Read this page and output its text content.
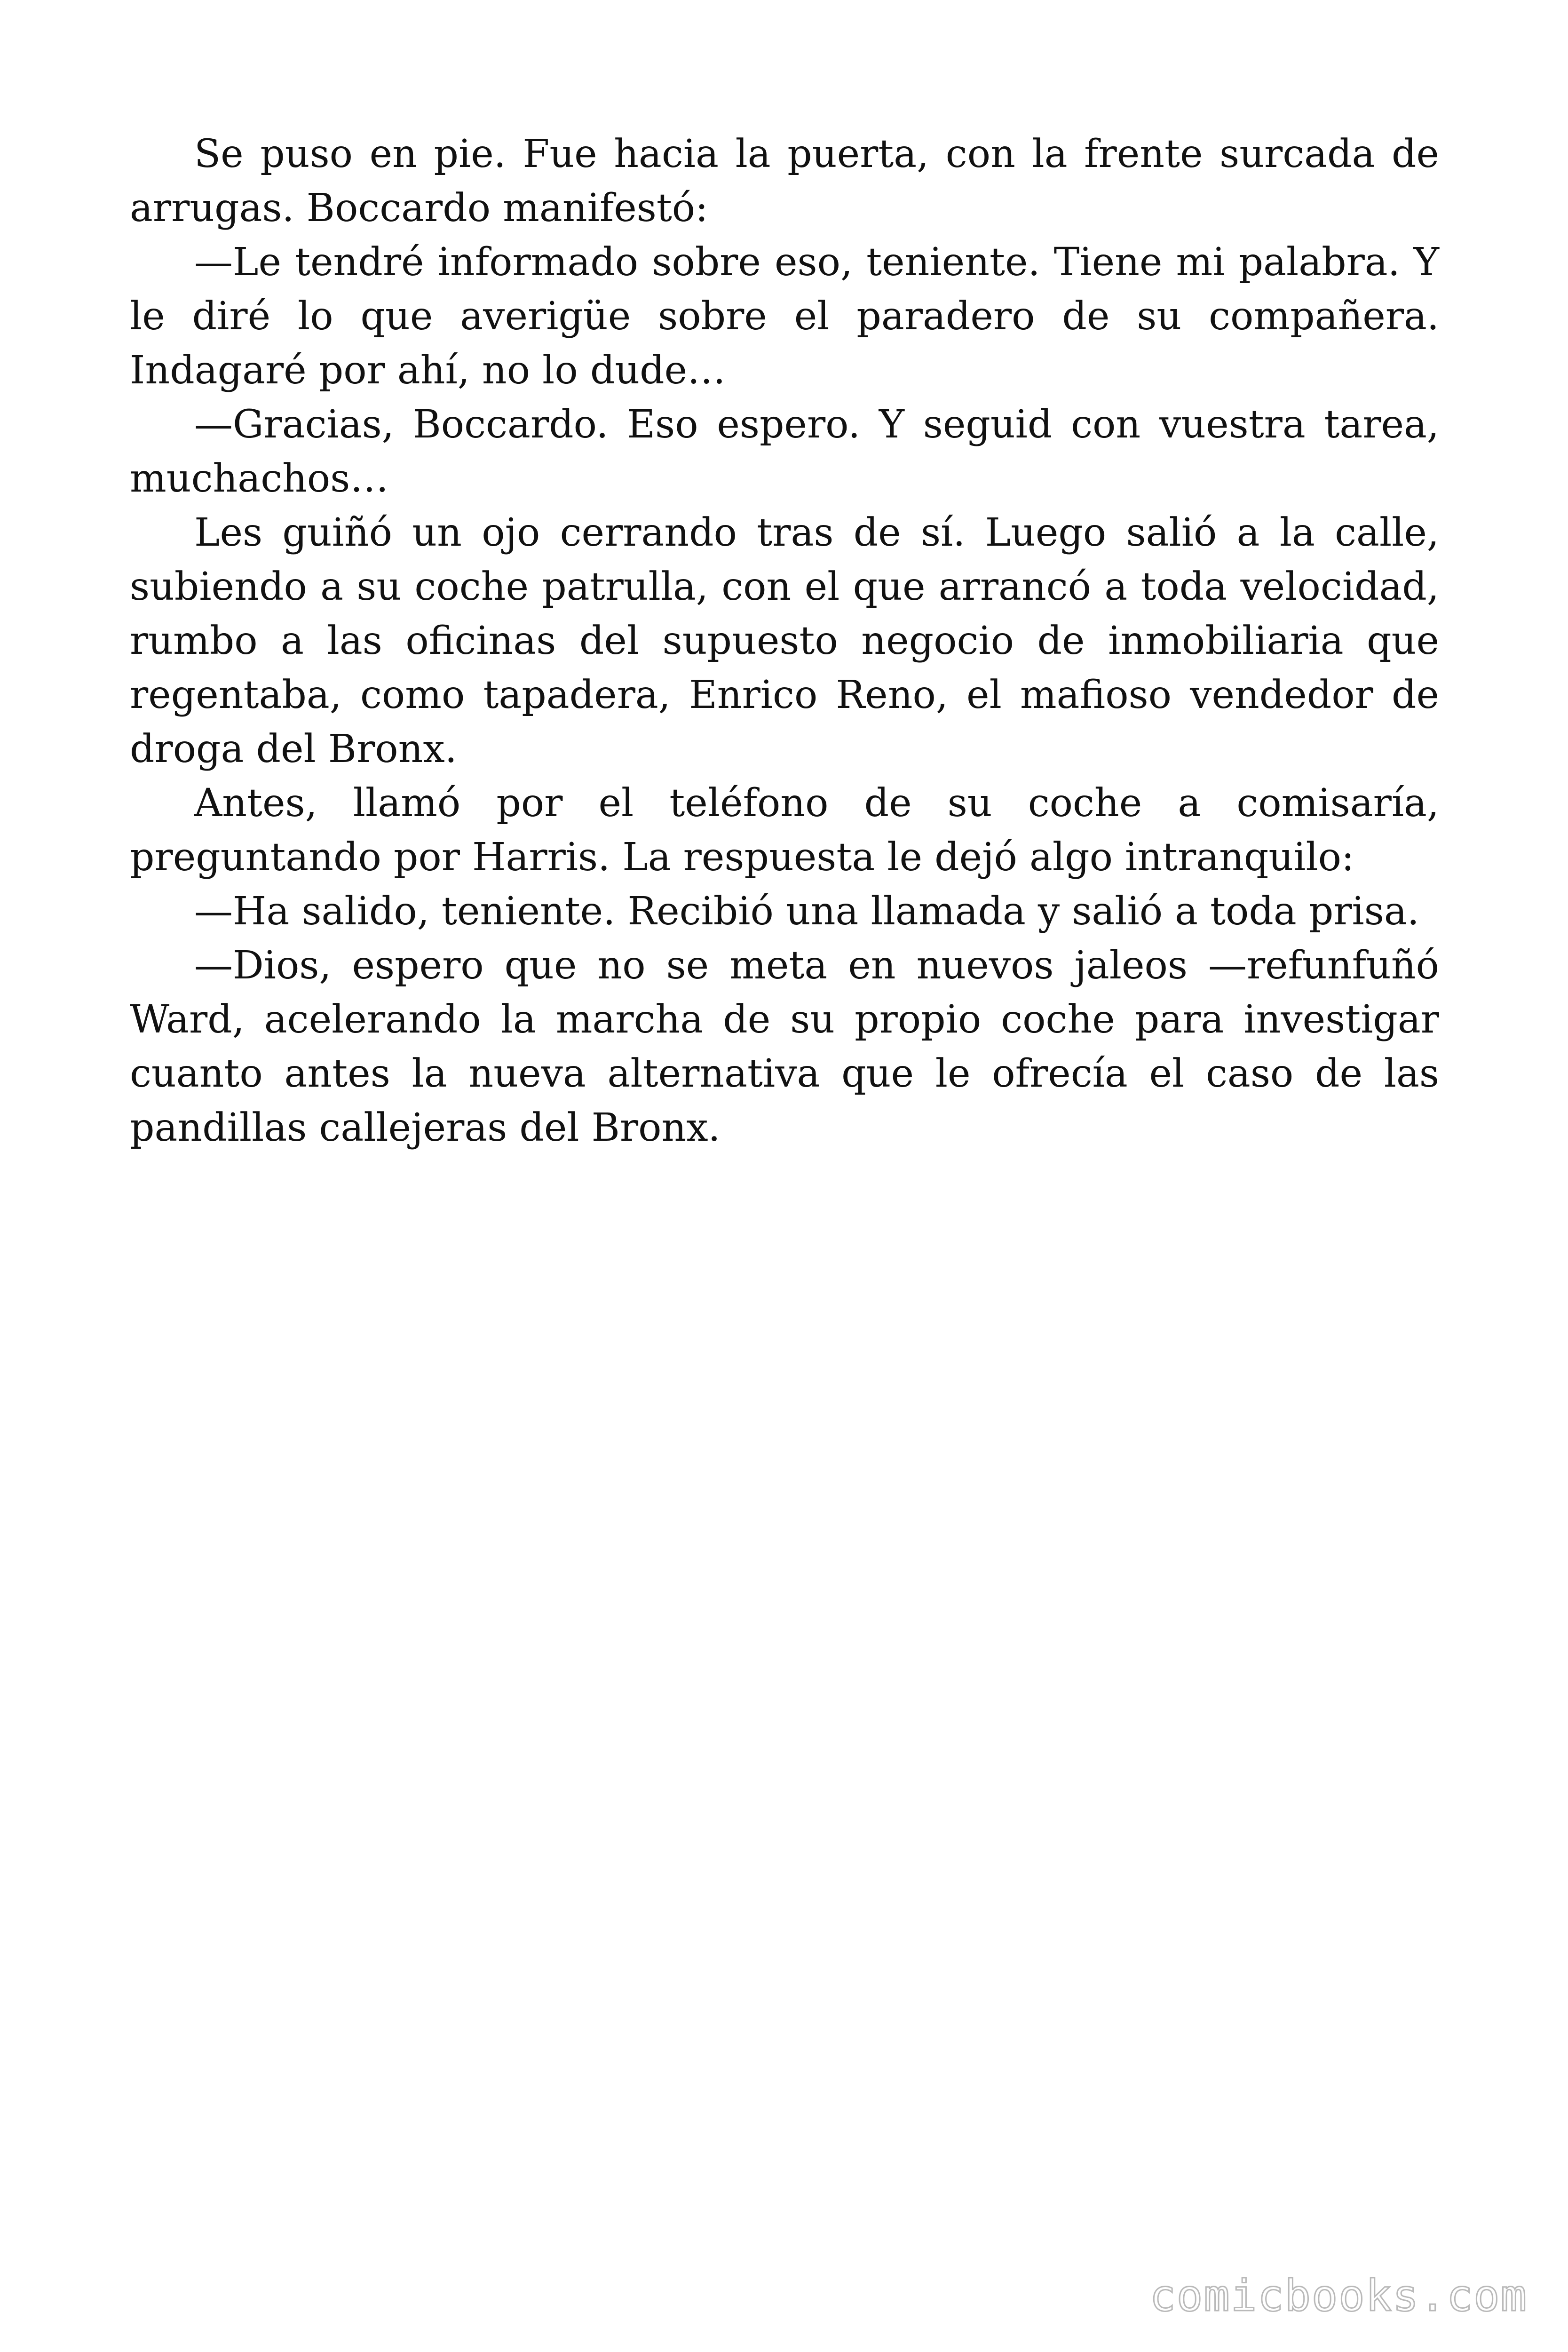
Se puso en pie. Fue hacia la puerta, con la frente surcada de arrugas. Boccardo manifestó:

—Le tendré informado sobre eso, teniente. Tiene mi palabra. Y le diré lo que averigüe sobre el paradero de su compañera. Indagaré por ahí, no lo dude…

—Gracias, Boccardo. Eso espero. Y seguid con vuestra tarea, muchachos…

Les guiñó un ojo cerrando tras de sí. Luego salió a la calle, subiendo a su coche patrulla, con el que arrancó a toda velocidad, rumbo a las oficinas del supuesto negocio de inmobiliaria que regentaba, como tapadera, Enrico Reno, el mafioso vendedor de droga del Bronx.

Antes, llamó por el teléfono de su coche a comisaría, preguntando por Harris. La respuesta le dejó algo intranquilo:

—Ha salido, teniente. Recibió una llamada y salió a toda prisa.

—Dios, espero que no se meta en nuevos jaleos —refunfuñó Ward, acelerando la marcha de su propio coche para investigar cuanto antes la nueva alternativa que le ofrecía el caso de las pandillas callejeras del Bronx.

comicbooks.com
